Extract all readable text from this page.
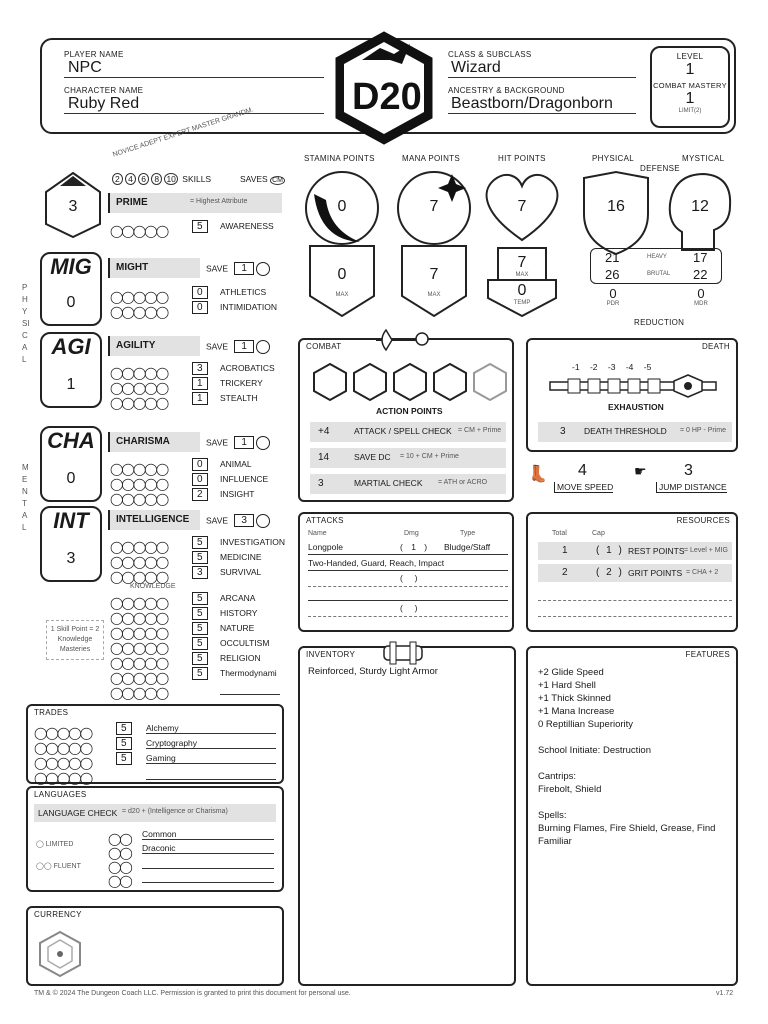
PLAYER NAME
NPC
CHARACTER NAME
Ruby Red	D20
CLASS & SUBCLASS
Wizard
ANCESTRY & BACKGROUND
Beastborn/Dragonborn
LEVEL
1
COMBAT MASTERY
1
LIMIT(2)
NOVICE ADEPT EXPERT MASTER GRANDM.
2 4 6 8 10 SKILLS	SAVES CM
3	PRIME	= Highest Attribute
◯◯◯◯◯	5	AWARENESS
PHYSICAL
MENTAL
MIG
0
MIGHT	SAVE 1
◯◯◯◯◯	0	ATHLETICS
◯◯◯◯◯	0	INTIMIDATION
AGI
1
AGILITY	SAVE 1
◯◯◯◯◯	3	ACROBATICS
◯◯◯◯◯	1	TRICKERY
◯◯◯◯◯	1	STEALTH
CHA
0
CHARISMA	SAVE 1
◯◯◯◯◯	0	ANIMAL
◯◯◯◯◯	0	INFLUENCE
◯◯◯◯◯	2	INSIGHT
INT
3
INTELLIGENCE SAVE 3
◯◯◯◯◯	5	INVESTIGATION
◯◯◯◯◯	5	MEDICINE
◯◯◯◯◯	3	SURVIVAL
KNOWLEDGE
1 Skill Point = 2 Knowledge Masteries
◯◯◯◯◯	5	ARCANA
◯◯◯◯◯	5	HISTORY
◯◯◯◯◯	5	NATURE
◯◯◯◯◯	5	OCCULTISM
◯◯◯◯◯	5	RELIGION
◯◯◯◯◯	5	Thermodynami
◯◯◯◯◯
TRADES
◯◯◯◯◯	5	Alchemy
◯◯◯◯◯	5	Cryptography
◯◯◯◯◯	5	Gaming
◯◯◯◯◯
LANGUAGES
LANGUAGE CHECK = d20 + (Intelligence or Charisma)
◯ LIMITED
◯◯ FLUENT
◯◯ Common
◯◯ Draconic
◯◯
◯◯
CURRENCY
STAMINA POINTS	MANA POINTS	HIT POINTS
0
0
MAX
7
7
MAX
7
7
MAX
0
TEMP
PHYSICAL	MYSTICAL
DEFENSE
16	12
21	HEAVY 17
26	BRUTAL 22
0
PDR
0
MDR
REDUCTION
COMBAT
ACTION POINTS
+4	ATTACK / SPELL CHECK = CM + Prime
14	SAVE DC = 10 + CM + Prime
3	MARTIAL CHECK = ATH or ACRO
DEATH
-1 -2 -3 -4 -5
EXHAUSTION
3 DEATH THRESHOLD = 0 HP - Prime
👢 4
MOVE SPEED
☛ 3
JUMP DISTANCE
ATTACKS
Name	Dmg	Type
Longpole	( 1 ) Bludge/Staff
Two-Handed, Guard, Reach, Impact
(     )
(     )
RESOURCES
Total	Cap
1	( 1 ) REST POINTS = Level + MIG
2	( 2 ) GRIT POINTS = CHA + 2
INVENTORY
Reinforced, Sturdy Light Armor
FEATURES
+2 Glide Speed
+1 Hard Shell
+1 Thick Skinned
+1 Mana Increase
0 Reptillian Superiority
School Initiate: Destruction
Cantrips:
Firebolt, Shield
Spells:
Burning Flames, Fire Shield, Grease, Find Familiar
TM & © 2024 The Dungeon Coach LLC. Permission is granted to print this document for personal use.	v1.72
